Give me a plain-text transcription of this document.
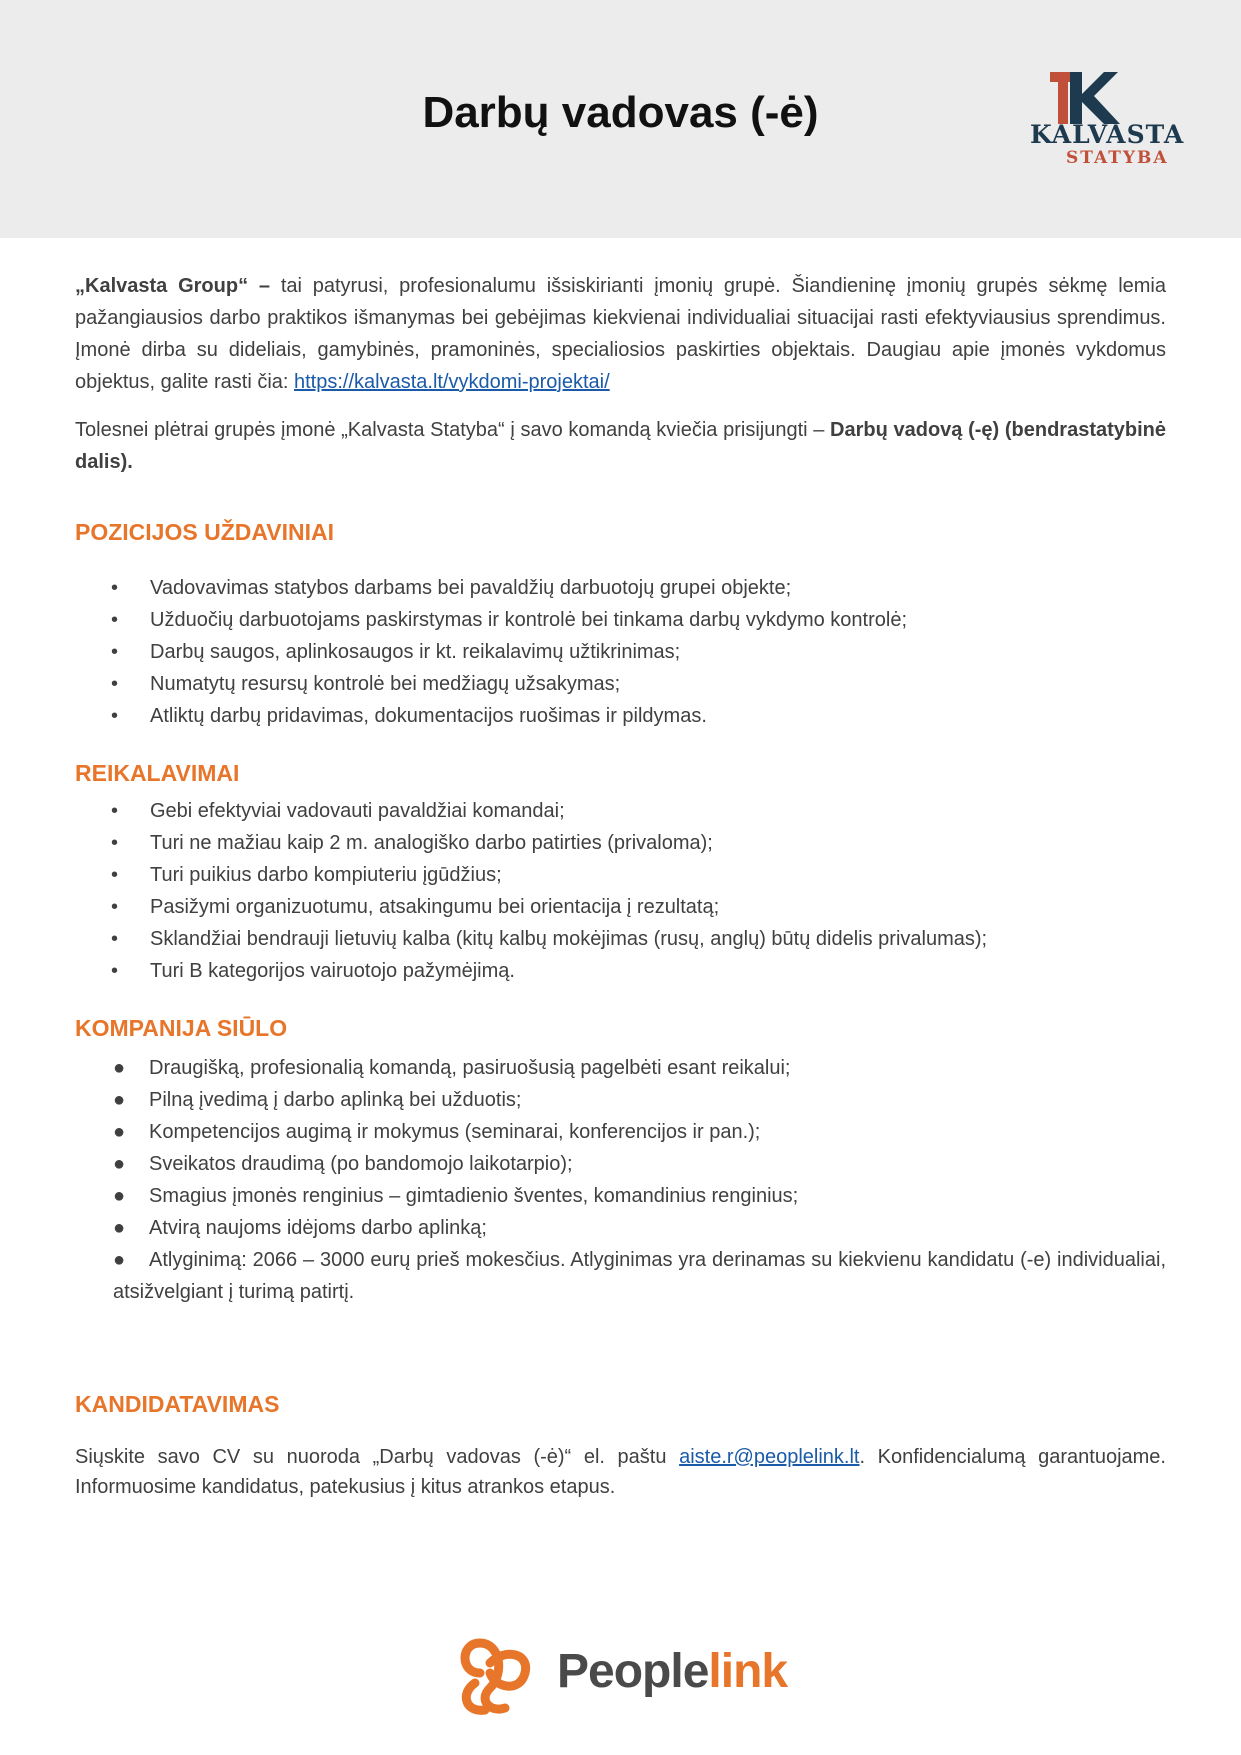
Darbų vadovas (-ė)	KALVASTA
STATYBA

„Kalvasta Group“ – tai patyrusi, profesionalumu išsiskirianti įmonių grupė. Šiandieninę įmonių grupės sėkmę lemia pažangiausios darbo praktikos išmanymas bei gebėjimas kiekvienai individualiai situacijai rasti efektyviausius sprendimus. Įmonė dirba su dideliais, gamybinės, pramoninės, specialiosios paskirties objektais. Daugiau apie įmonės vykdomus objektus, galite rasti čia: https://kalvasta.lt/vykdomi-projektai/

Tolesnei plėtrai grupės įmonė „Kalvasta Statyba“ į savo komandą kviečia prisijungti – Darbų vadovą (-ę) (bendrastatybinė dalis).

POZICIJOS UŽDAVINIAI
• Vadovavimas statybos darbams bei pavaldžių darbuotojų grupei objekte;
• Užduočių darbuotojams paskirstymas ir kontrolė bei tinkama darbų vykdymo kontrolė;
• Darbų saugos, aplinkosaugos ir kt. reikalavimų užtikrinimas;
• Numatytų resursų kontrolė bei medžiagų užsakymas;
• Atliktų darbų pridavimas, dokumentacijos ruošimas ir pildymas.
REIKALAVIMAI
• Gebi efektyviai vadovauti pavaldžiai komandai;
• Turi ne mažiau kaip 2 m. analogiško darbo patirties (privaloma);
• Turi puikius darbo kompiuteriu įgūdžius;
• Pasižymi organizuotumu, atsakingumu bei orientacija į rezultatą;
• Sklandžiai bendrauji lietuvių kalba (kitų kalbų mokėjimas (rusų, anglų) būtų didelis privalumas);
• Turi B kategorijos vairuotojo pažymėjimą.
KOMPANIJA SIŪLO
● Draugišką, profesionalią komandą, pasiruošusią pagelbėti esant reikalui;
● Pilną įvedimą į darbo aplinką bei užduotis;
● Kompetencijos augimą ir mokymus (seminarai, konferencijos ir pan.);
● Sveikatos draudimą (po bandomojo laikotarpio);
● Smagius įmonės renginius – gimtadienio šventes, komandinius renginius;
● Atvirą naujoms idėjoms darbo aplinką;
● Atlyginimą: 2066 – 3000 eurų prieš mokesčius. Atlyginimas yra derinamas su kiekvienu kandidatu (-e) individualiai, atsižvelgiant į turimą patirtį.
KANDIDATAVIMAS

Siųskite savo CV su nuoroda „Darbų vadovas (-ė)“ el. paštu aiste.r@peoplelink.lt. Konfidencialumą garantuojame. Informuosime kandidatus, patekusius į kitus atrankos etapus.

Peoplelink
